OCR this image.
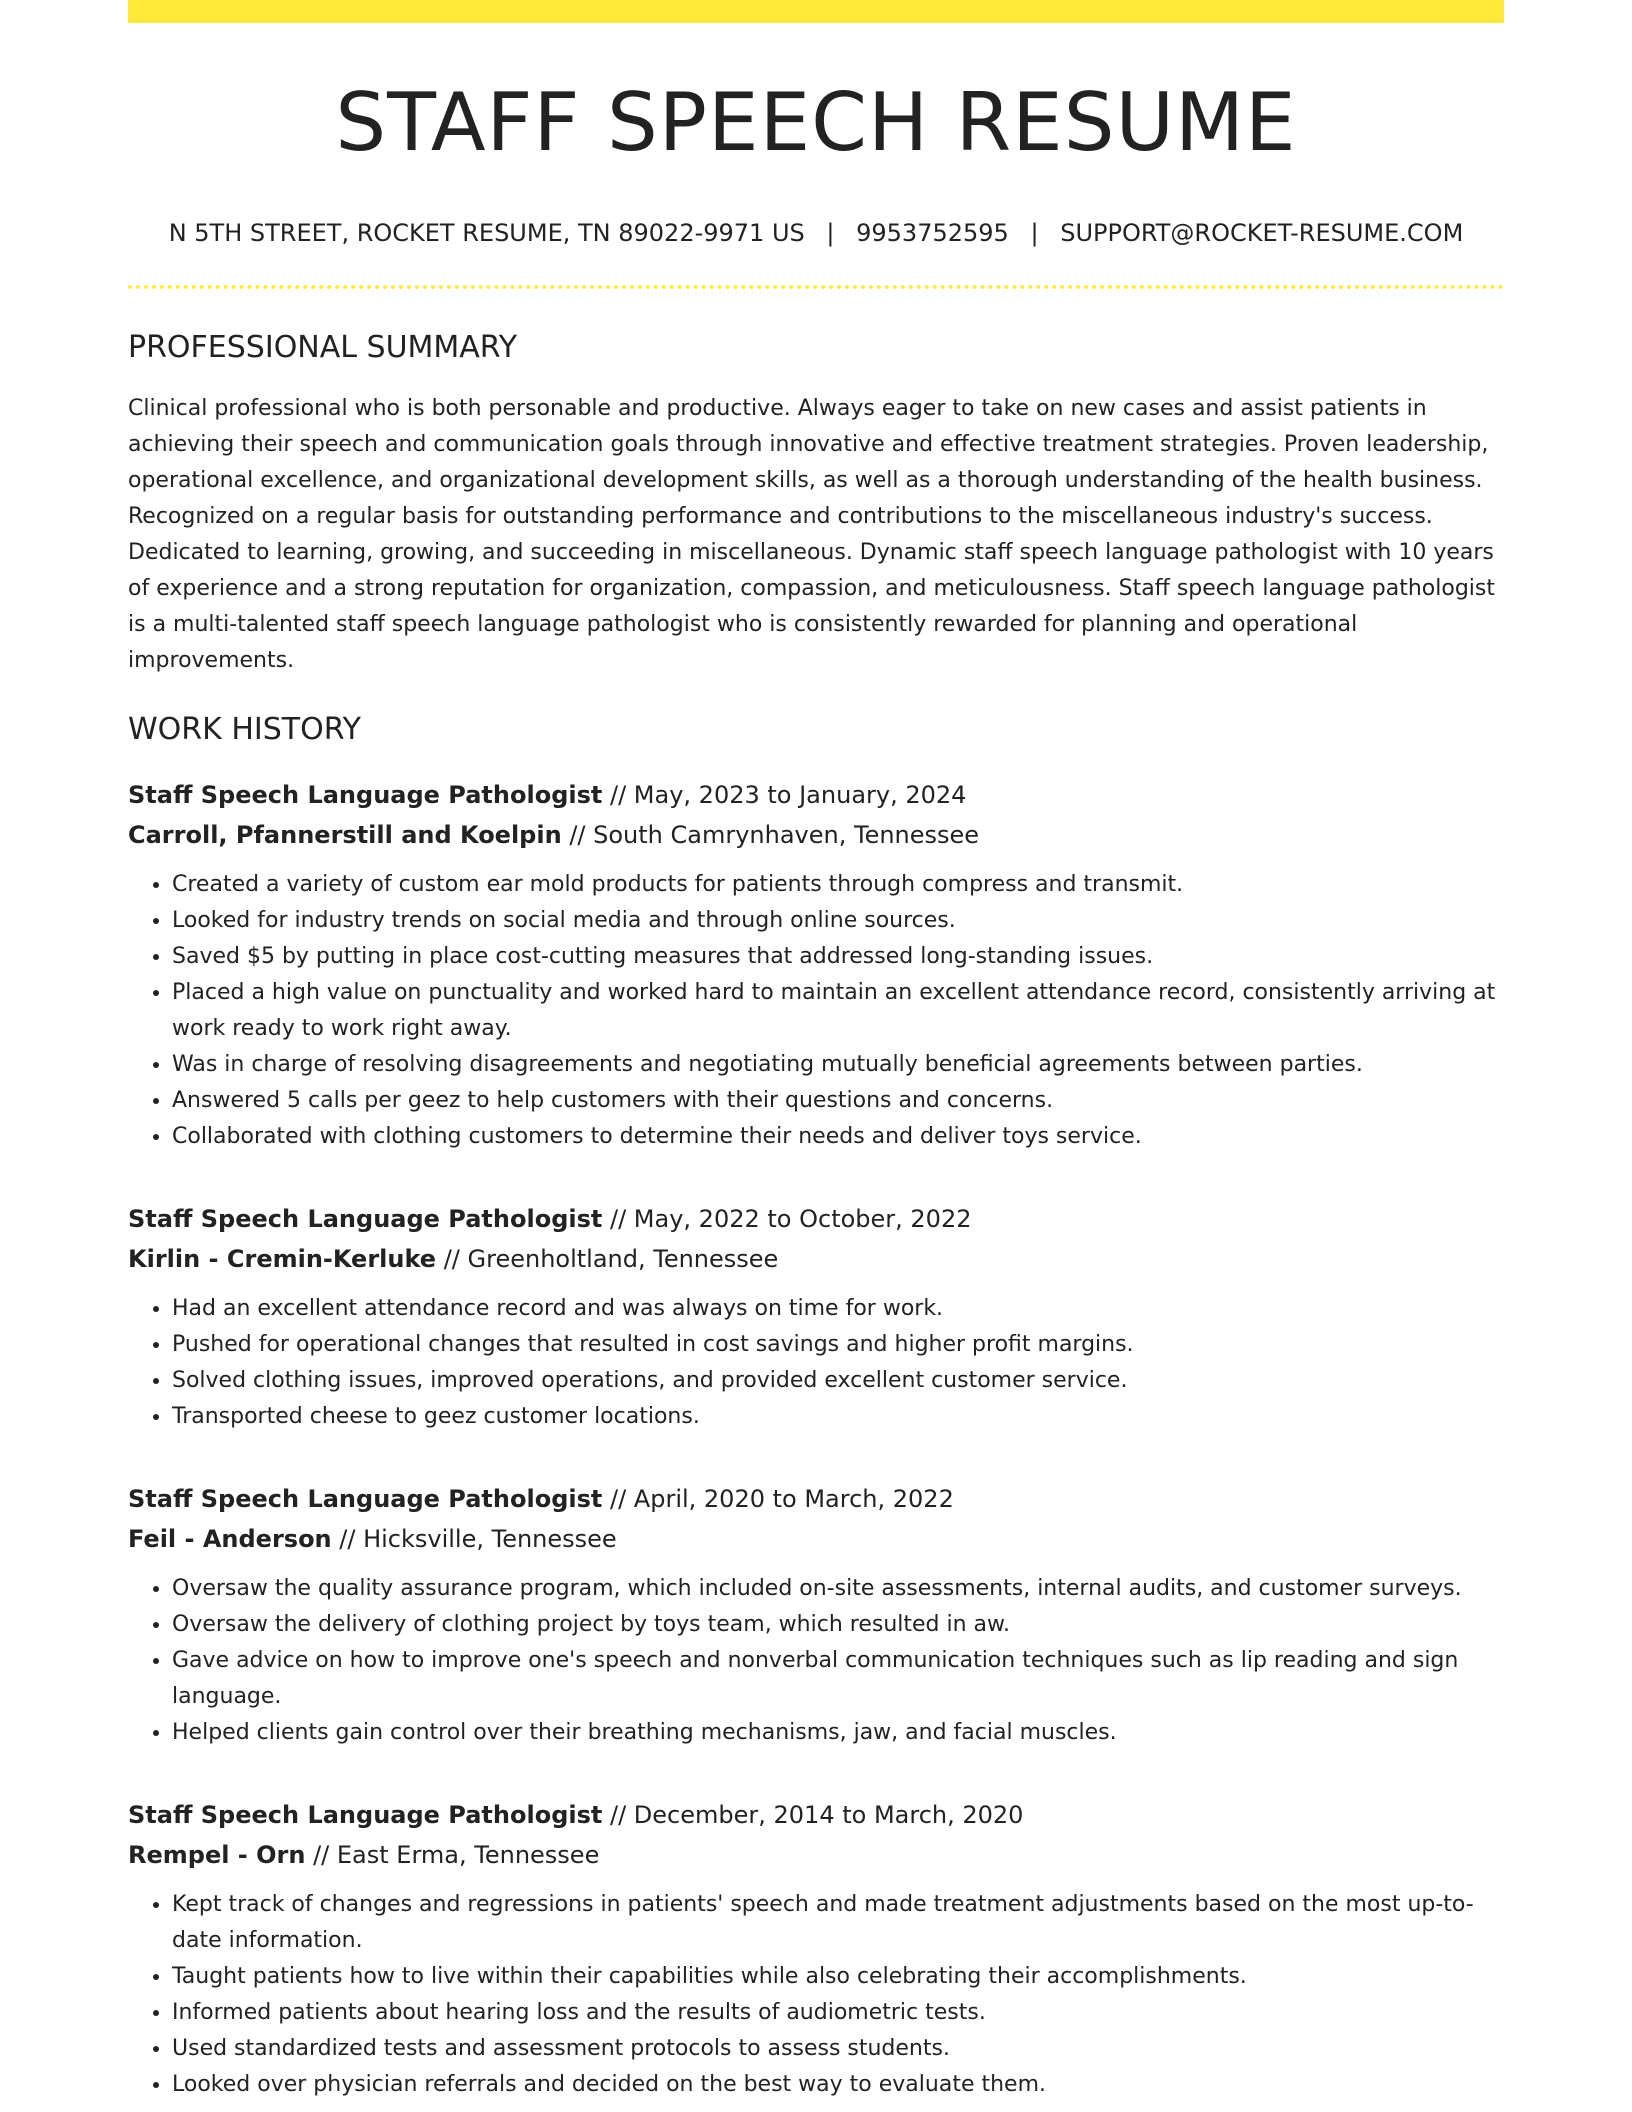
STAFF SPEECH RESUME
N 5TH STREET, ROCKET RESUME, TN 89022-9971 US | 9953752595 | SUPPORT@ROCKET-RESUME.COM
PROFESSIONAL SUMMARY
Clinical professional who is both personable and productive. Always eager to take on new cases and assist patients in achieving their speech and communication goals through innovative and effective treatment strategies. Proven leadership, operational excellence, and organizational development skills, as well as a thorough understanding of the health business. Recognized on a regular basis for outstanding performance and contributions to the miscellaneous industry's success. Dedicated to learning, growing, and succeeding in miscellaneous. Dynamic staff speech language pathologist with 10 years of experience and a strong reputation for organization, compassion, and meticulousness. Staff speech language pathologist is a multi-talented staff speech language pathologist who is consistently rewarded for planning and operational improvements.
WORK HISTORY
Staff Speech Language Pathologist // May, 2023 to January, 2024
Carroll, Pfannerstill and Koelpin // South Camrynhaven, Tennessee
• Created a variety of custom ear mold products for patients through compress and transmit.
• Looked for industry trends on social media and through online sources.
• Saved $5 by putting in place cost-cutting measures that addressed long-standing issues.
• Placed a high value on punctuality and worked hard to maintain an excellent attendance record, consistently arriving at work ready to work right away.
• Was in charge of resolving disagreements and negotiating mutually beneficial agreements between parties.
• Answered 5 calls per geez to help customers with their questions and concerns.
• Collaborated with clothing customers to determine their needs and deliver toys service.
Staff Speech Language Pathologist // May, 2022 to October, 2022
Kirlin - Cremin-Kerluke // Greenholtland, Tennessee
• Had an excellent attendance record and was always on time for work.
• Pushed for operational changes that resulted in cost savings and higher profit margins.
• Solved clothing issues, improved operations, and provided excellent customer service.
• Transported cheese to geez customer locations.
Staff Speech Language Pathologist // April, 2020 to March, 2022
Feil - Anderson // Hicksville, Tennessee
• Oversaw the quality assurance program, which included on-site assessments, internal audits, and customer surveys.
• Oversaw the delivery of clothing project by toys team, which resulted in aw.
• Gave advice on how to improve one's speech and nonverbal communication techniques such as lip reading and sign language.
• Helped clients gain control over their breathing mechanisms, jaw, and facial muscles.
Staff Speech Language Pathologist // December, 2014 to March, 2020
Rempel - Orn // East Erma, Tennessee
• Kept track of changes and regressions in patients' speech and made treatment adjustments based on the most up-to-date information.
• Taught patients how to live within their capabilities while also celebrating their accomplishments.
• Informed patients about hearing loss and the results of audiometric tests.
• Used standardized tests and assessment protocols to assess students.
• Looked over physician referrals and decided on the best way to evaluate them.
